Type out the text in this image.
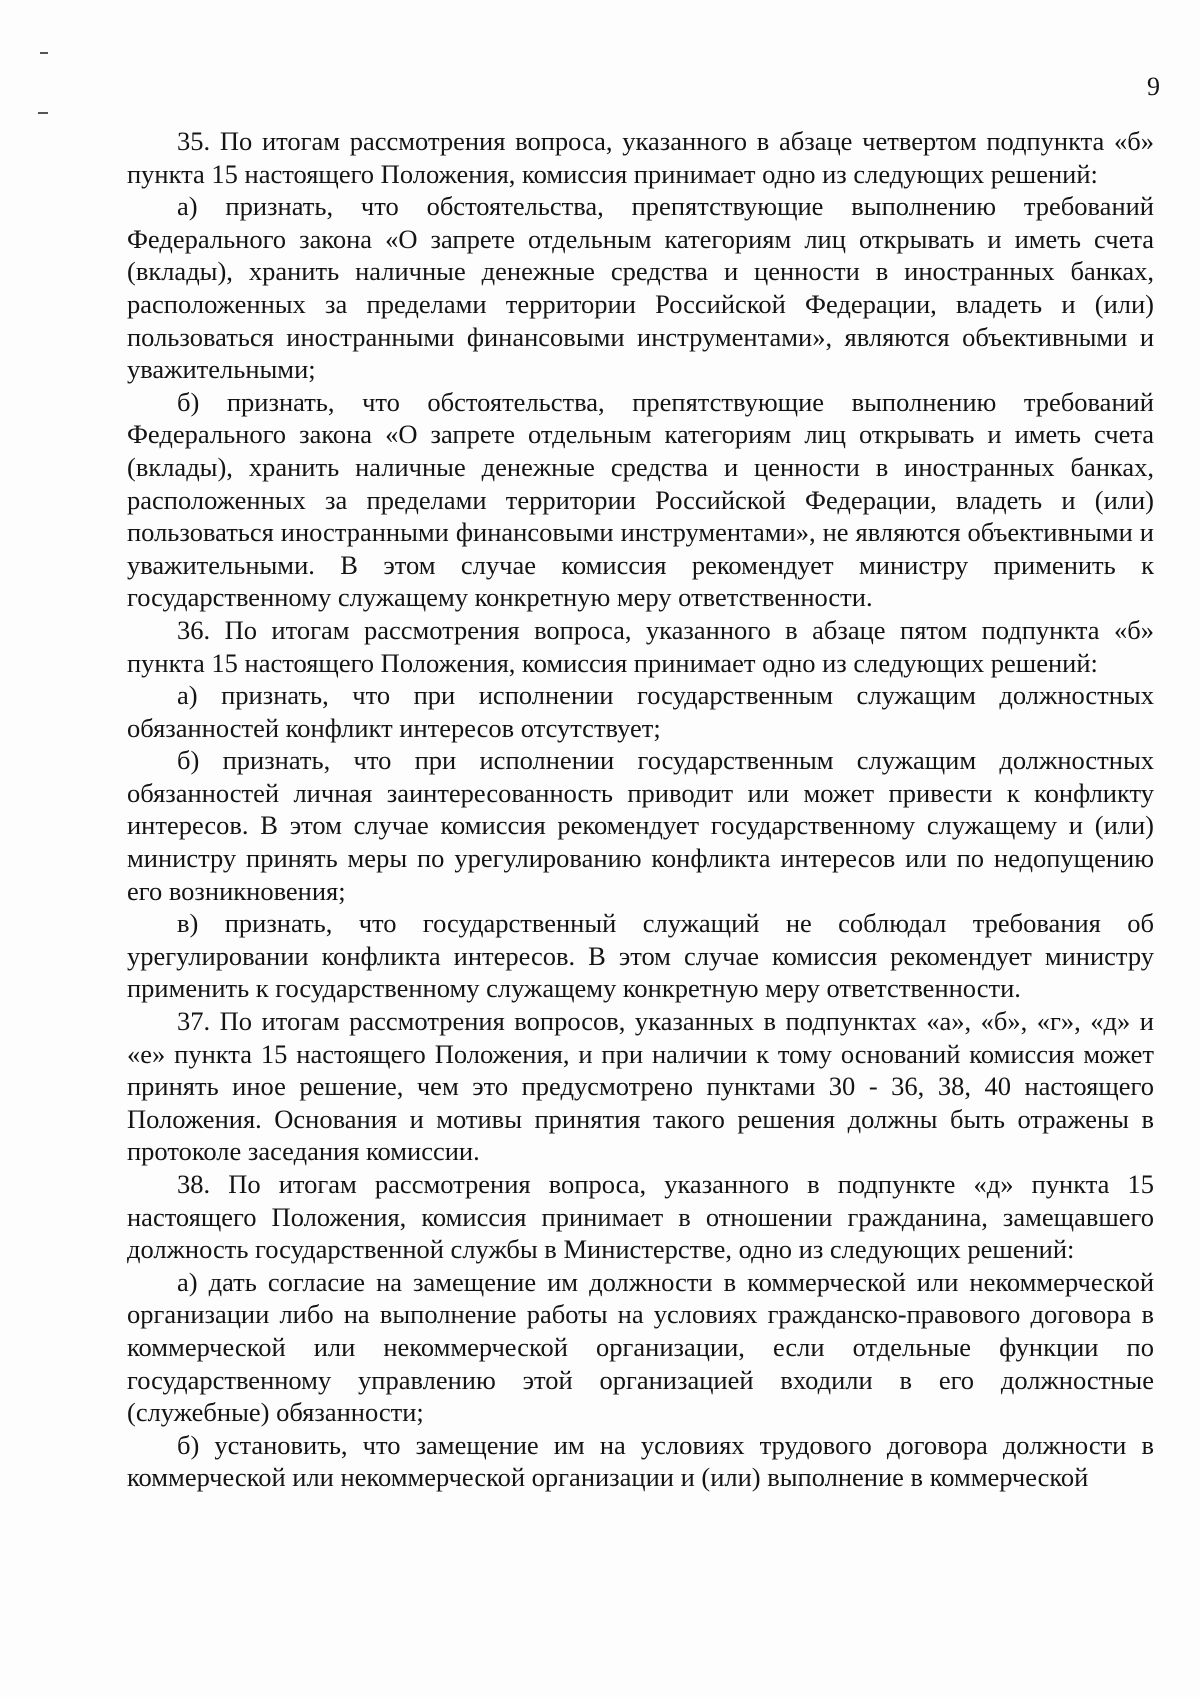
9

35. По итогам рассмотрения вопроса, указанного в абзаце четвертом подпункта «б» пункта 15 настоящего Положения, комиссия принимает одно из следующих решений:

а) признать, что обстоятельства, препятствующие выполнению требований Федерального закона «О запрете отдельным категориям лиц открывать и иметь счета (вклады), хранить наличные денежные средства и ценности в иностранных банках, расположенных за пределами территории Российской Федерации, владеть и (или) пользоваться иностранными финансовыми инструментами», являются объективными и уважительными;

б) признать, что обстоятельства, препятствующие выполнению требований Федерального закона «О запрете отдельным категориям лиц открывать и иметь счета (вклады), хранить наличные денежные средства и ценности в иностранных банках, расположенных за пределами территории Российской Федерации, владеть и (или) пользоваться иностранными финансовыми инструментами», не являются объективными и уважительными. В этом случае комиссия рекомендует министру применить к государственному служащему конкретную меру ответственности.

36. По итогам рассмотрения вопроса, указанного в абзаце пятом подпункта «б» пункта 15 настоящего Положения, комиссия принимает одно из следующих решений:

а) признать, что при исполнении государственным служащим должностных обязанностей конфликт интересов отсутствует;

б) признать, что при исполнении государственным служащим должностных обязанностей личная заинтересованность приводит или может привести к конфликту интересов. В этом случае комиссия рекомендует государственному служащему и (или) министру принять меры по урегулированию конфликта интересов или по недопущению его возникновения;

в) признать, что государственный служащий не соблюдал требования об урегулировании конфликта интересов. В этом случае комиссия рекомендует министру применить к государственному служащему конкретную меру ответственности.

37. По итогам рассмотрения вопросов, указанных в подпунктах «а», «б», «г», «д» и «е» пункта 15 настоящего Положения, и при наличии к тому оснований комиссия может принять иное решение, чем это предусмотрено пунктами 30 - 36, 38, 40 настоящего Положения. Основания и мотивы принятия такого решения должны быть отражены в протоколе заседания комиссии.

38. По итогам рассмотрения вопроса, указанного в подпункте «д» пункта 15 настоящего Положения, комиссия принимает в отношении гражданина, замещавшего должность государственной службы в Министерстве, одно из следующих решений:

а) дать согласие на замещение им должности в коммерческой или некоммерческой организации либо на выполнение работы на условиях гражданско-правового договора в коммерческой или некоммерческой организации, если отдельные функции по государственному управлению этой организацией входили в его должностные (служебные) обязанности;

б) установить, что замещение им на условиях трудового договора должности в коммерческой или некоммерческой организации и (или) выполнение в коммерческой
